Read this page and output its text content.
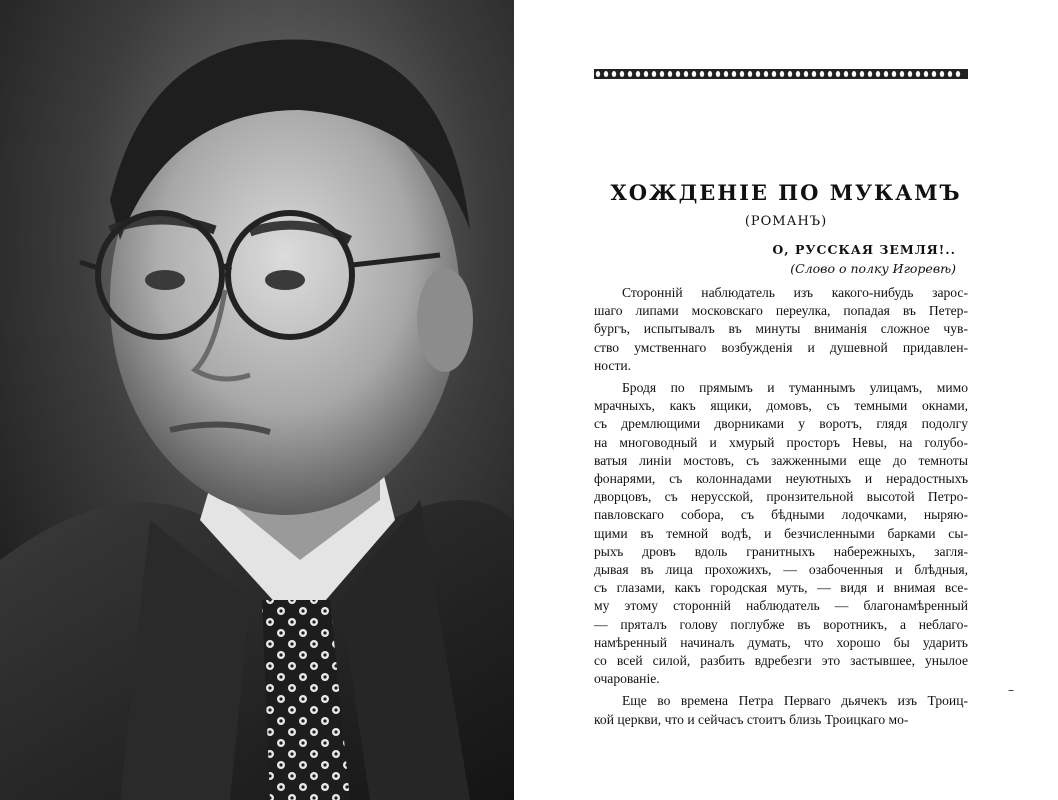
ХОЖДЕНІЕ ПО МУКАМЪ
(РОМАНЪ)
О, РУССКАЯ ЗЕМЛЯ!..
(Слово о полку Игоревѣ)

Сторонній наблюдатель изъ какого-нибудь зарос-
шаго липами московскаго переулка, попадая въ Петер-
бургъ, испытывалъ въ минуты вниманія сложное чув-
ство умственнаго возбужденія и душевной придавлен-
ности.

Бродя по прямымъ и туманнымъ улицамъ, мимо
мрачныхъ, какъ ящики, домовъ, съ темными окнами,
съ дремлющими дворниками у воротъ, глядя подолгу
на многоводный и хмурый просторъ Невы, на голубо-
ватыя линіи мостовъ, съ зажженными еще до темноты
фонарями, съ колоннадами неуютныхъ и нерадостныхъ
дворцовъ, съ нерусской, пронзительной высотой Петро-
павловскаго собора, съ бѣдными лодочками, ныряю-
щими въ темной водѣ, и безчисленными барками сы-
рыхъ дровъ вдоль гранитныхъ набережныхъ, загля-
дывая въ лица прохожихъ, — озабоченныя и блѣдныя,
съ глазами, какъ городская муть, — видя и внимая все-
му этому сторонній наблюдатель — благонамѣренный
— пряталъ голову поглубже въ воротникъ, а неблаго-
намѣренный начиналъ думать, что хорошо бы ударить
со всей силой, разбить вдребезги это застывшее, унылое
очарованіе.

Еще во времена Петра Перваго дьячекъ изъ Троиц-
кой церкви, что и сейчасъ стоитъ близь Троицкаго мо-

–
